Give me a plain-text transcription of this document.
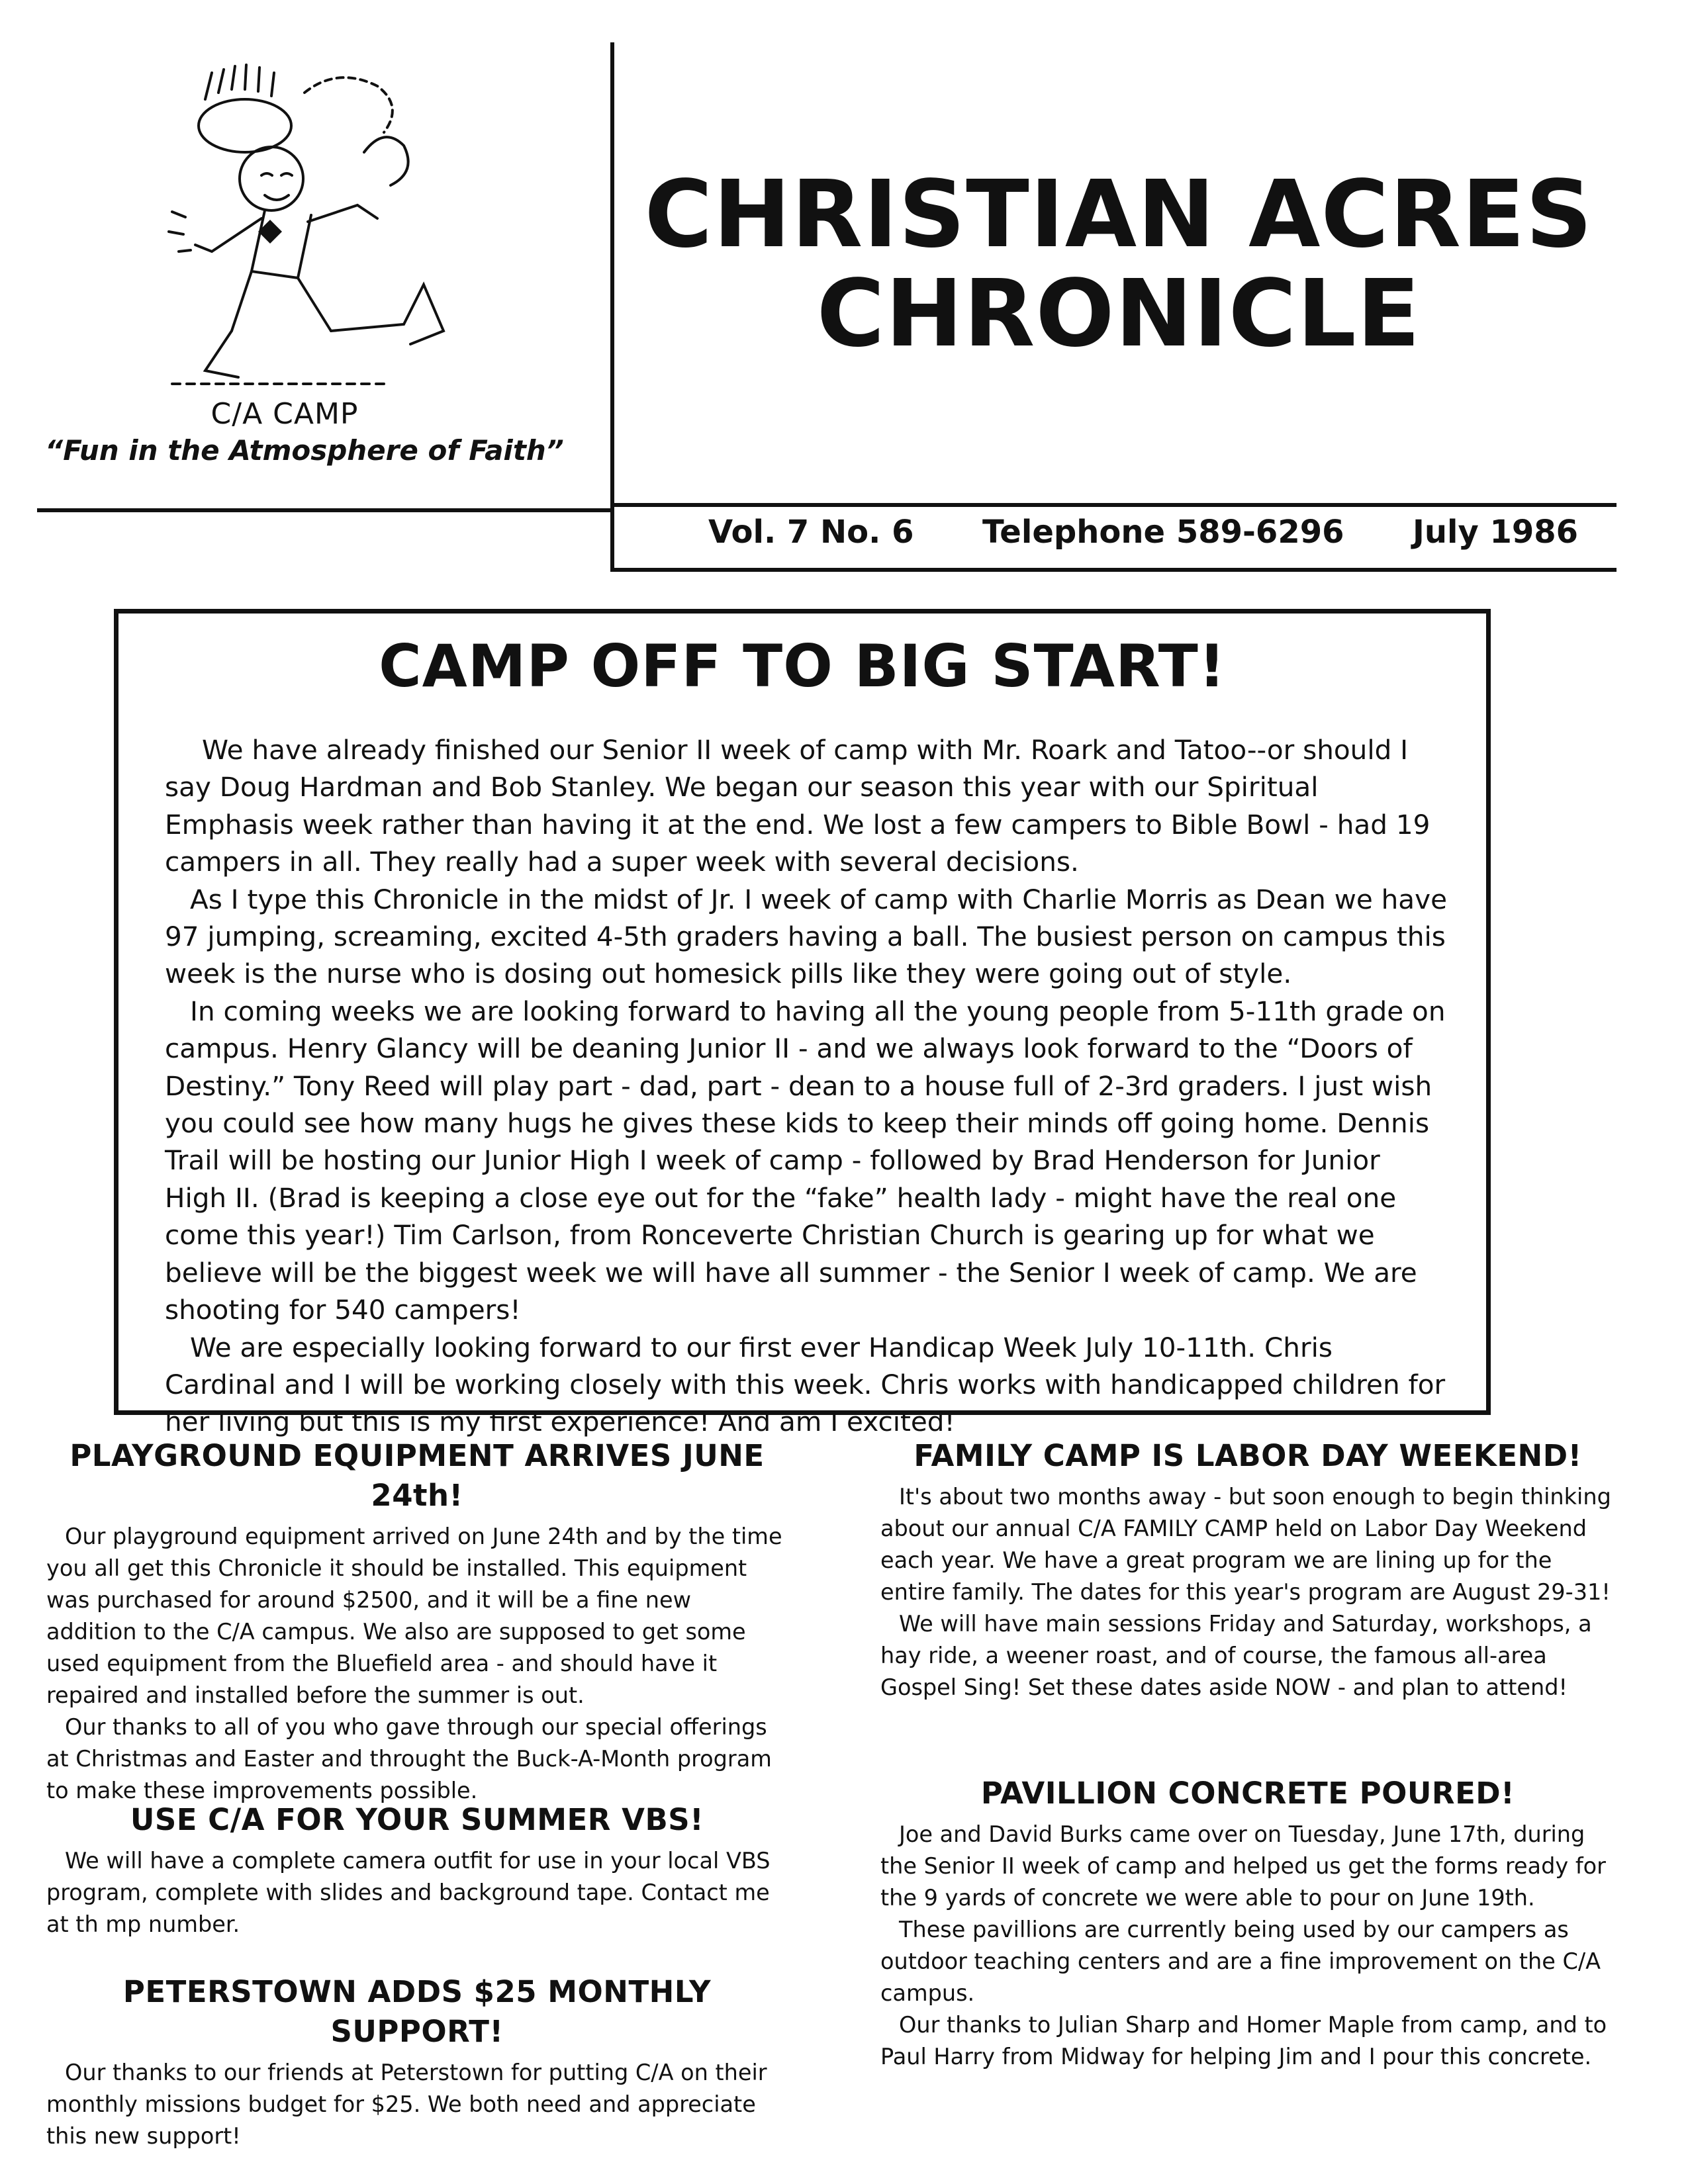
C/A CAMP
“Fun in the Atmosphere of Faith”
CHRISTIAN ACRES
CHRONICLE
Vol. 7 No. 6 Telephone 589-6296 July 1986
CAMP OFF TO BIG START!

We have already finished our Senior II week of camp with Mr. Roark and Tatoo--or should I say Doug Hardman and Bob Stanley. We began our season this year with our Spiritual Emphasis week rather than having it at the end. We lost a few campers to Bible Bowl - had 19 campers in all. They really had a super week with several decisions.

As I type this Chronicle in the midst of Jr. I week of camp with Charlie Morris as Dean we have 97 jumping, screaming, excited 4-5th graders having a ball. The busiest person on campus this week is the nurse who is dosing out homesick pills like they were going out of style.

In coming weeks we are looking forward to having all the young people from 5-11th grade on campus. Henry Glancy will be deaning Junior II - and we always look forward to the “Doors of Destiny.” Tony Reed will play part - dad, part - dean to a house full of 2-3rd graders. I just wish you could see how many hugs he gives these kids to keep their minds off going home. Dennis Trail will be hosting our Junior High I week of camp - followed by Brad Henderson for Junior High II. (Brad is keeping a close eye out for the “fake” health lady - might have the real one come this year!) Tim Carlson, from Ronceverte Christian Church is gearing up for what we believe will be the biggest week we will have all summer - the Senior I week of camp. We are shooting for 540 campers!

We are especially looking forward to our first ever Handicap Week July 10-11th. Chris Cardinal and I will be working closely with this week. Chris works with handicapped children for her living but this is my first experience! And am I excited!

PLAYGROUND EQUIPMENT ARRIVES JUNE 24th!

Our playground equipment arrived on June 24th and by the time you all get this Chronicle it should be installed. This equipment was purchased for around $2500, and it will be a fine new addition to the C/A campus. We also are supposed to get some used equipment from the Bluefield area - and should have it repaired and installed before the summer is out.

Our thanks to all of you who gave through our special offerings at Christmas and Easter and throught the Buck-A-Month program to make these improvements possible.

USE C/A FOR YOUR SUMMER VBS!

We will have a complete camera outfit for use in your local VBS program, complete with slides and background tape. Contact me at th mp number.

PETERSTOWN ADDS $25 MONTHLY SUPPORT!

Our thanks to our friends at Peterstown for putting C/A on their monthly missions budget for $25. We both need and appreciate this new support!

FAMILY CAMP IS LABOR DAY WEEKEND!

It's about two months away - but soon enough to begin thinking about our annual C/A FAMILY CAMP held on Labor Day Weekend each year. We have a great program we are lining up for the entire family. The dates for this year's program are August 29-31!

We will have main sessions Friday and Saturday, workshops, a hay ride, a weener roast, and of course, the famous all-area Gospel Sing! Set these dates aside NOW - and plan to attend!

PAVILLION CONCRETE POURED!

Joe and David Burks came over on Tuesday, June 17th, during the Senior II week of camp and helped us get the forms ready for the 9 yards of concrete we were able to pour on June 19th.

These pavillions are currently being used by our campers as outdoor teaching centers and are a fine improvement on the C/A campus.

Our thanks to Julian Sharp and Homer Maple from camp, and to Paul Harry from Midway for helping Jim and I pour this concrete.
